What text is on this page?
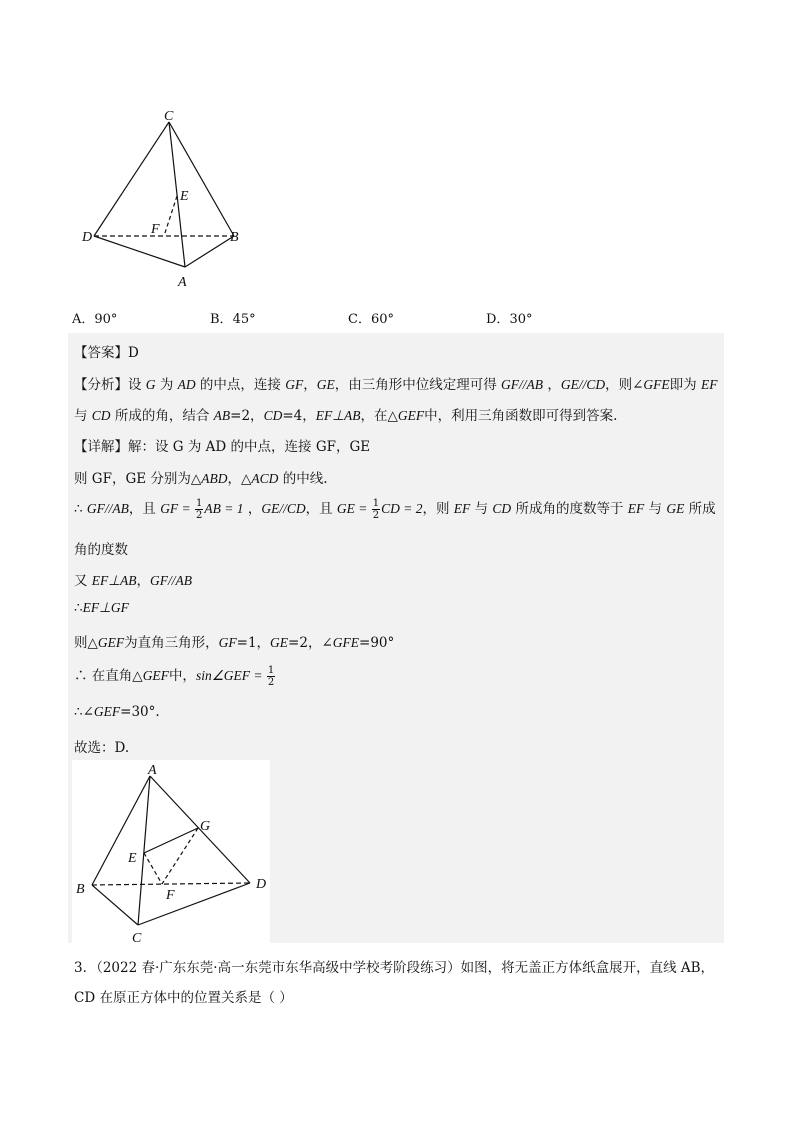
C
E
F
D	B
A
A．90°	B．45°	C．60°	D．30°
【答案】D
【分析】设 G 为 AD 的中点，连接 GF，GE，由三角形中位线定理可得 GF//AB ，GE//CD，则∠GFE即为 EF
与 CD 所成的角，结合 AB=2，CD=4，EF⊥AB，在△GEF中，利用三角函数即可得到答案.
【详解】解：设 G 为 AD 的中点，连接 GF，GE
则 GF，GE 分别为△ABD，△ACD 的中线.
∴ GF//AB，且 GF = $\frac{1}{2}$ AB = 1 ，GE//CD，且 GE = $\frac{1}{2}$ CD = 2，则 EF 与 CD 所成角的度数等于 EF 与 GE 所成
角的度数
又 EF⊥AB，GF//AB
∴EF⊥GF
则△GEF为直角三角形，GF=1，GE=2，∠GFE=90°
∴ 在直角△GEF中，sin∠GEF = $\frac{1}{2}$
∴∠GEF=30°.
故选：D.
A
G
E
B	F
D
C
3．（2022 春·广东东莞·高一东莞市东华高级中学校考阶段练习）如图，将无盖正方体纸盒展开，直线 AB，
CD 在原正方体中的位置关系是（ ）
